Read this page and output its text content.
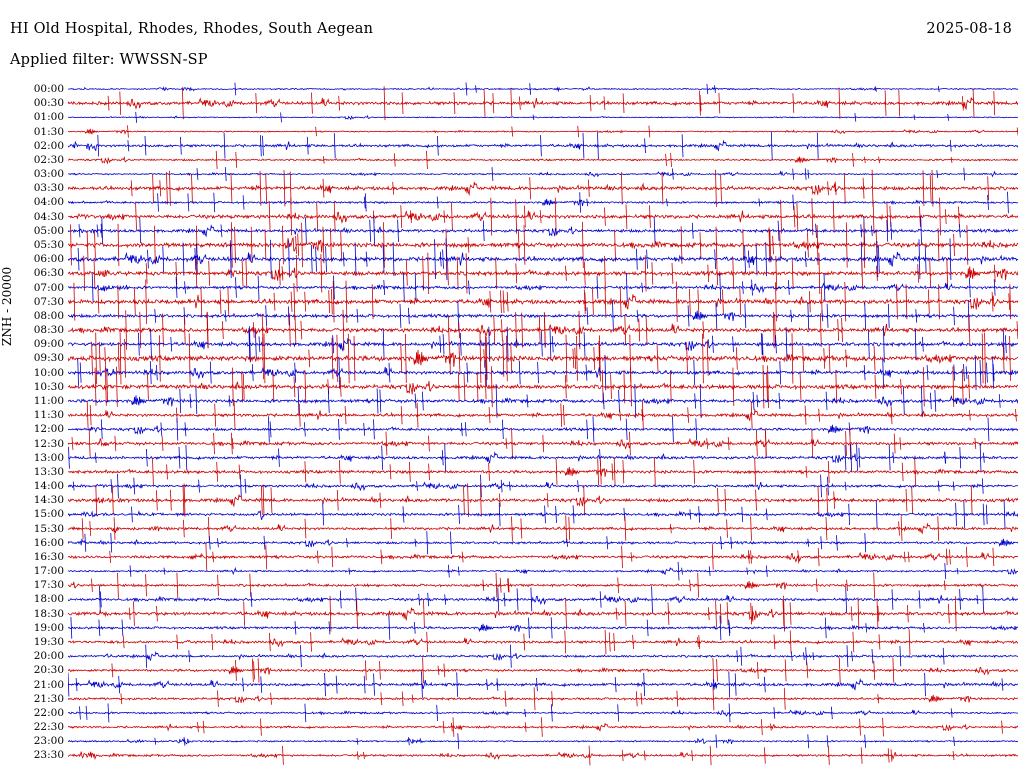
HI Old Hospital, Rhodes, Rhodes, South Aegean	2025-08-18
Applied filter: WWSSN-SP
ZNH - 20000
00:00
00:30
01:00
01:30
02:00
02:30
03:00
03:30
04:00
04:30
05:00
05:30
06:00
06:30
07:00
07:30
08:00
08:30
09:00
09:30
10:00
10:30
11:00
11:30
12:00
12:30
13:00
13:30
14:00
14:30
15:00
15:30
16:00
16:30
17:00
17:30
18:00
18:30
19:00
19:30
20:00
20:30
21:00
21:30
22:00
22:30
23:00
23:30
